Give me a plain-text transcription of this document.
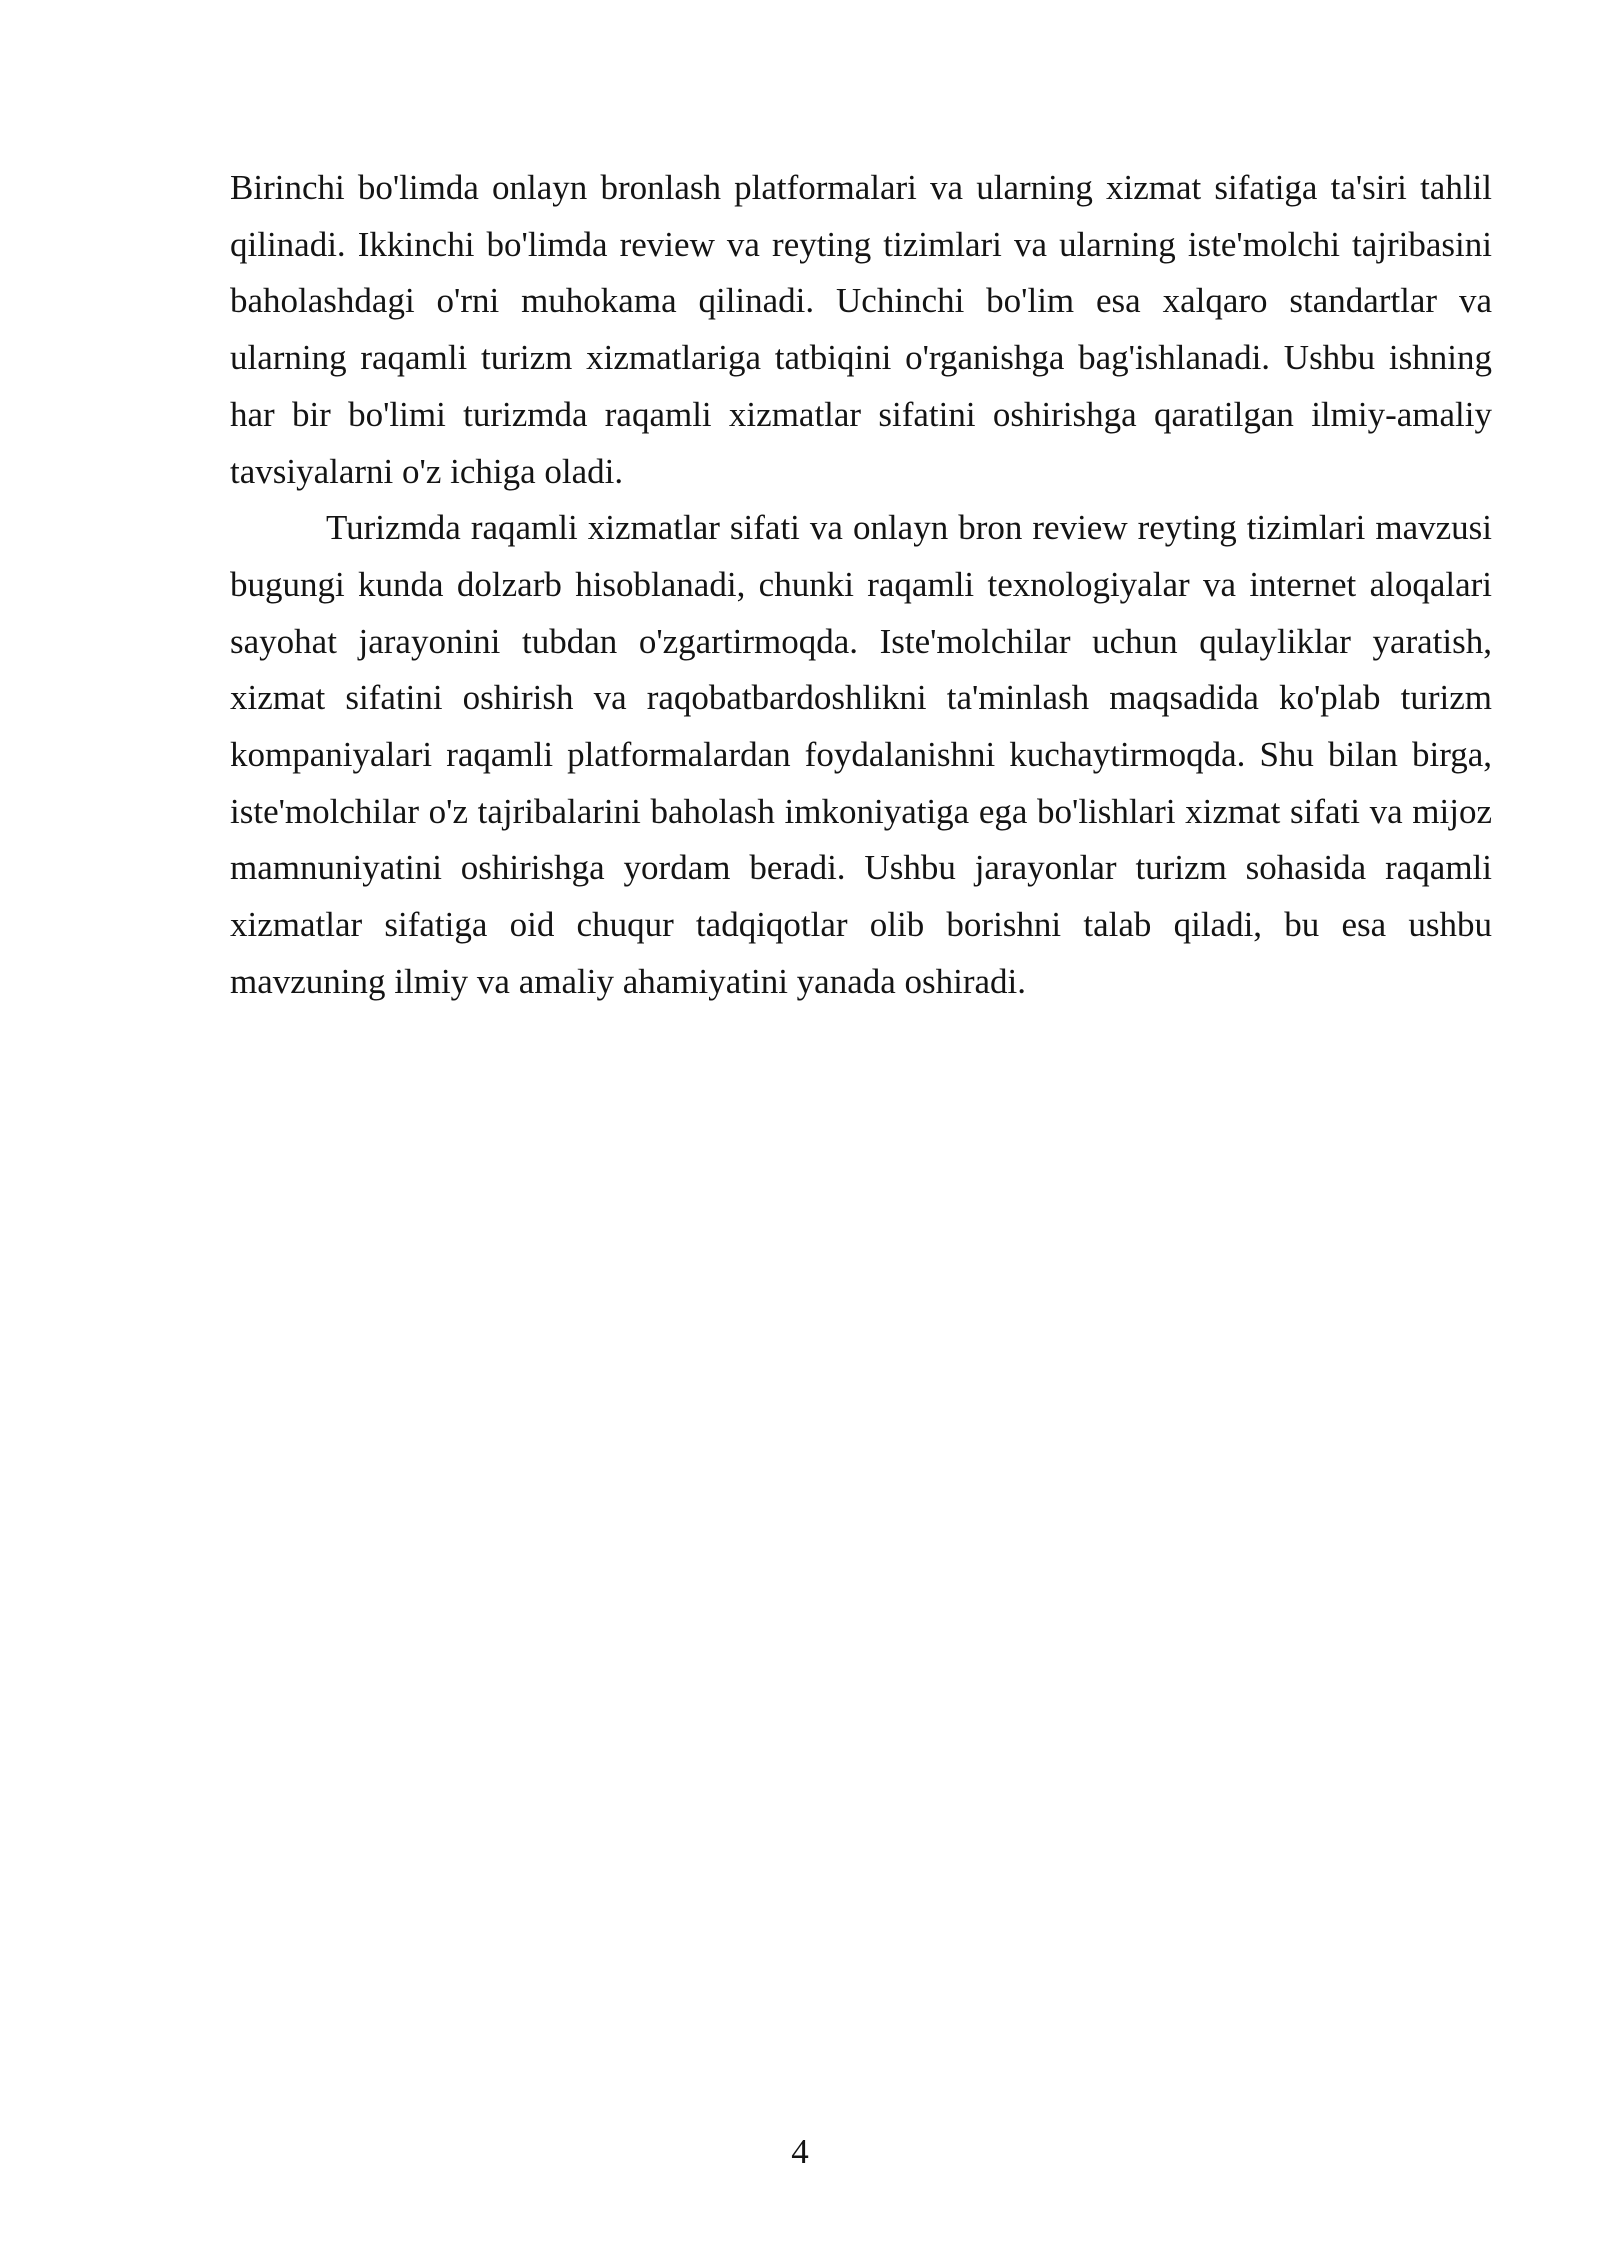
Birinchi bo'limda onlayn bronlash platformalari va ularning xizmat sifatiga ta'siri tahlil qilinadi. Ikkinchi bo'limda review va reyting tizimlari va ularning iste'molchi tajribasini baholashdagi o'rni muhokama qilinadi. Uchinchi bo'lim esa xalqaro standartlar va ularning raqamli turizm xizmatlariga tatbiqini o'rganishga bag'ishlanadi. Ushbu ishning har bir bo'limi turizmda raqamli xizmatlar sifatini oshirishga qaratilgan ilmiy-amaliy tavsiyalarni o'z ichiga oladi.

Turizmda raqamli xizmatlar sifati va onlayn bron review reyting tizimlari mavzusi bugungi kunda dolzarb hisoblanadi, chunki raqamli texnologiyalar va internet aloqalari sayohat jarayonini tubdan o'zgartirmoqda. Iste'molchilar uchun qulayliklar yaratish, xizmat sifatini oshirish va raqobatbardoshlikni ta'minlash maqsadida ko'plab turizm kompaniyalari raqamli platformalardan foydalanishni kuchaytirmoqda. Shu bilan birga, iste'molchilar o'z tajribalarini baholash imkoniyatiga ega bo'lishlari xizmat sifati va mijoz mamnuniyatini oshirishga yordam beradi. Ushbu jarayonlar turizm sohasida raqamli xizmatlar sifatiga oid chuqur tadqiqotlar olib borishni talab qiladi, bu esa ushbu mavzuning ilmiy va amaliy ahamiyatini yanada oshiradi.

4
